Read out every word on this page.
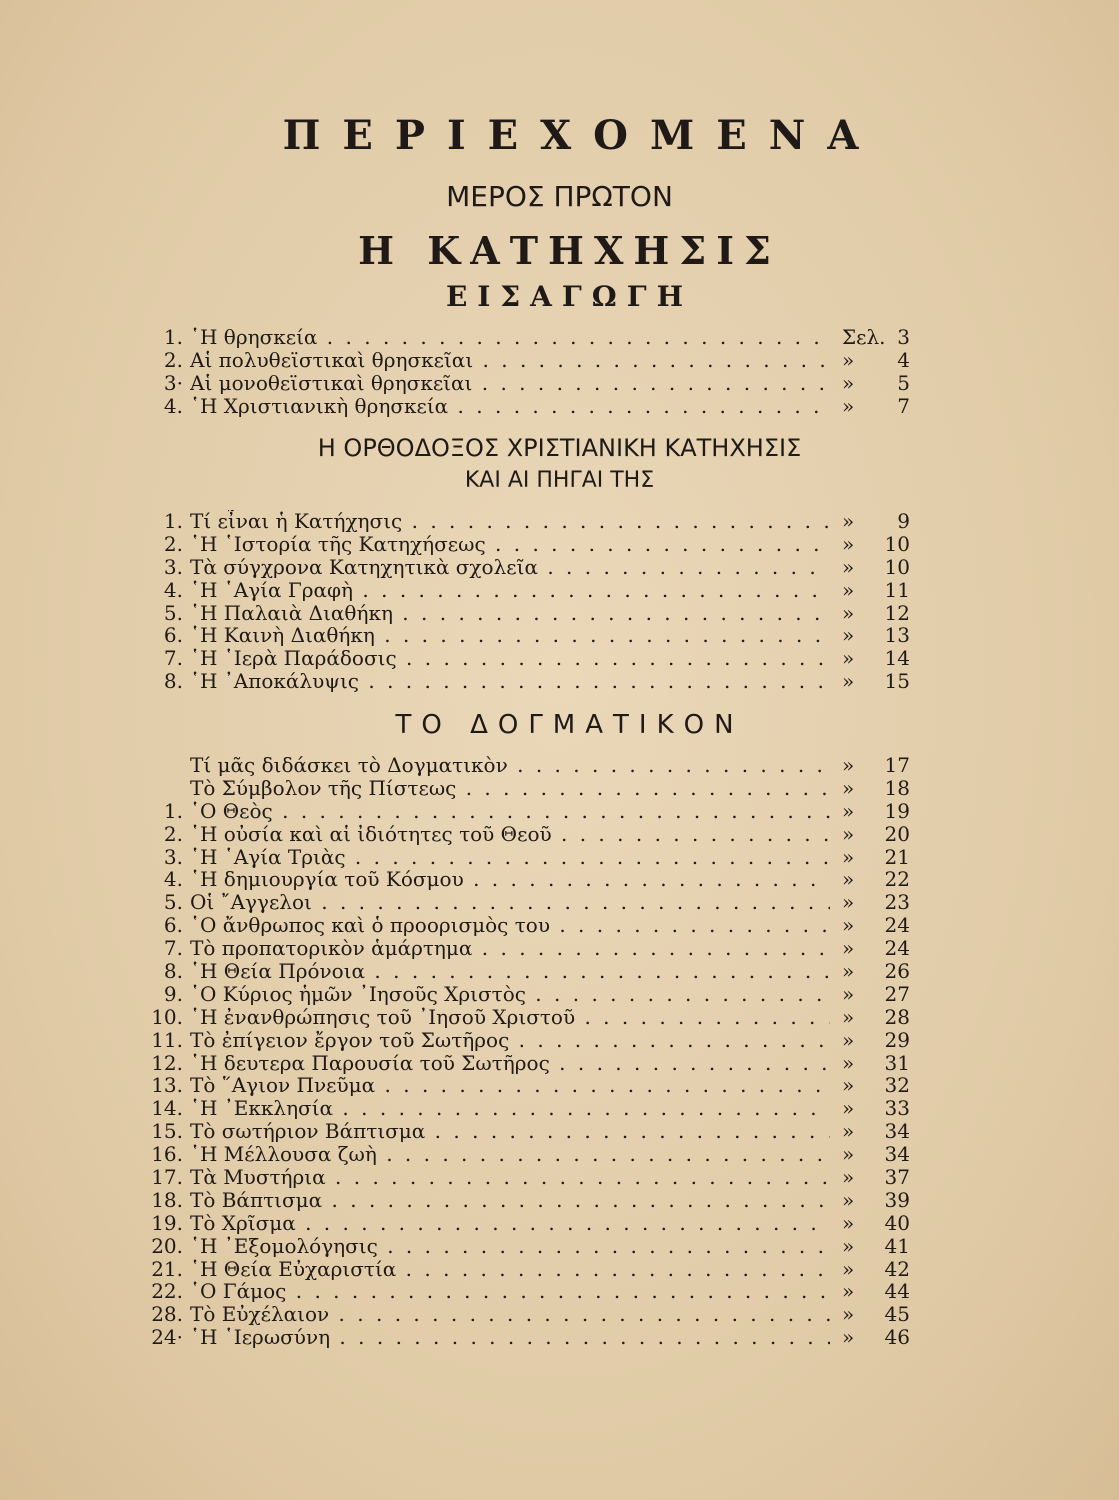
ΠΕΡΙΕΧΟΜΕΝΑ
ΜΕΡΟΣ ΠΡΩΤΟΝ
Η ΚΑΤΗΧΗΣΙΣ
ΕΙΣΑΓΩΓΗ
1. ῾Η θρησκεία . . .	Σελ. 3
2. Αἱ πολυθεϊστικαὶ θρησκεῖαι . . .	»	4
3· Αἱ μονοθεϊστικαὶ θρησκεῖαι . . .	»	5
4. ῾Η Χριστιανικὴ θρησκεία . . .	»	7
Η ΟΡΘΟΔΟΞΟΣ ΧΡΙΣΤΙΑΝΙΚΗ ΚΑΤΗΧΗΣΙΣ
ΚΑΙ ΑΙ ΠΗΓΑΙ ΤΗΣ
1. Τί εἶναι ἡ Κατήχησις . . .	»	9
2. ῾Η ῾Ιστορία τῆς Κατηχήσεως . . .	»	10
3. Τὰ σύγχρονα Κατηχητικὰ σχολεῖα . . .	»	10
4. ῾Η ῾Αγία Γραφὴ . . .	»	11
5. ῾Η Παλαιὰ Διαθήκη . . .	»	12
6. ῾Η Καινὴ Διαθήκη . . .	»	13
7. ῾Η ῾Ιερὰ Παράδοσις . . .	»	14
8. ῾Η ᾿Αποκάλυψις . . .	»	15
ΤΟ ΔΟΓΜΑΤΙΚΟΝ
Τί μᾶς διδάσκει τὸ Δογματικὸν . . .	»	17
Τὸ Σύμβολον τῆς Πίστεως . . .	»	18
1. ῾Ο Θεὸς . . .	»	19
2. ῾Η οὐσία καὶ αἱ ἰδιότητες τοῦ Θεοῦ . . .	»	20
3. ῾Η ῾Αγία Τριὰς . . .	»	21
4. ῾Η δημιουργία τοῦ Κόσμου . . .	»	22
5. Οἱ ῎Αγγελοι . . .	»	23
6. ῾Ο ἄνθρωπος καὶ ὁ προορισμὸς του . . .	»	24
7. Τὸ προπατορικὸν ἁμάρτημα . . .	»	24
8. ῾Η Θεία Πρόνοια . . .	»	26
9. ῾Ο Κύριος ἡμῶν ᾿Ιησοῦς Χριστὸς . . .	»	27
10. ῾Η ἐνανθρώπησις τοῦ ᾿Ιησοῦ Χριστοῦ . . .	»	28
11. Τὸ ἐπίγειον ἔργον τοῦ Σωτῆρος . . .	»	29
12. ῾Η δευτερα Παρουσία τοῦ Σωτῆρος . . .	»	31
13. Τὸ ῞Αγιον Πνεῦμα . . .	»	32
14. ῾Η ᾿Εκκλησία . . .	»	33
15. Τὸ σωτήριον Βάπτισμα . . .	»	34
16. ῾Η Μέλλουσα ζωὴ . . .	»	34
17. Τὰ Μυστήρια . . .	»	37
18. Τὸ Βάπτισμα . . .	»	39
19. Τὸ Χρῖσμα . . .	»	40
20. ῾Η ᾿Εξομολόγησις . . .	»	41
21. ῾Η Θεία Εὐχαριστία . . .	»	42
22. ῾Ο Γάμος . . .	»	44
28. Τὸ Εὐχέλαιον . . .	»	45
24· ῾Η ῾Ιερωσύνη . . .	»	46
